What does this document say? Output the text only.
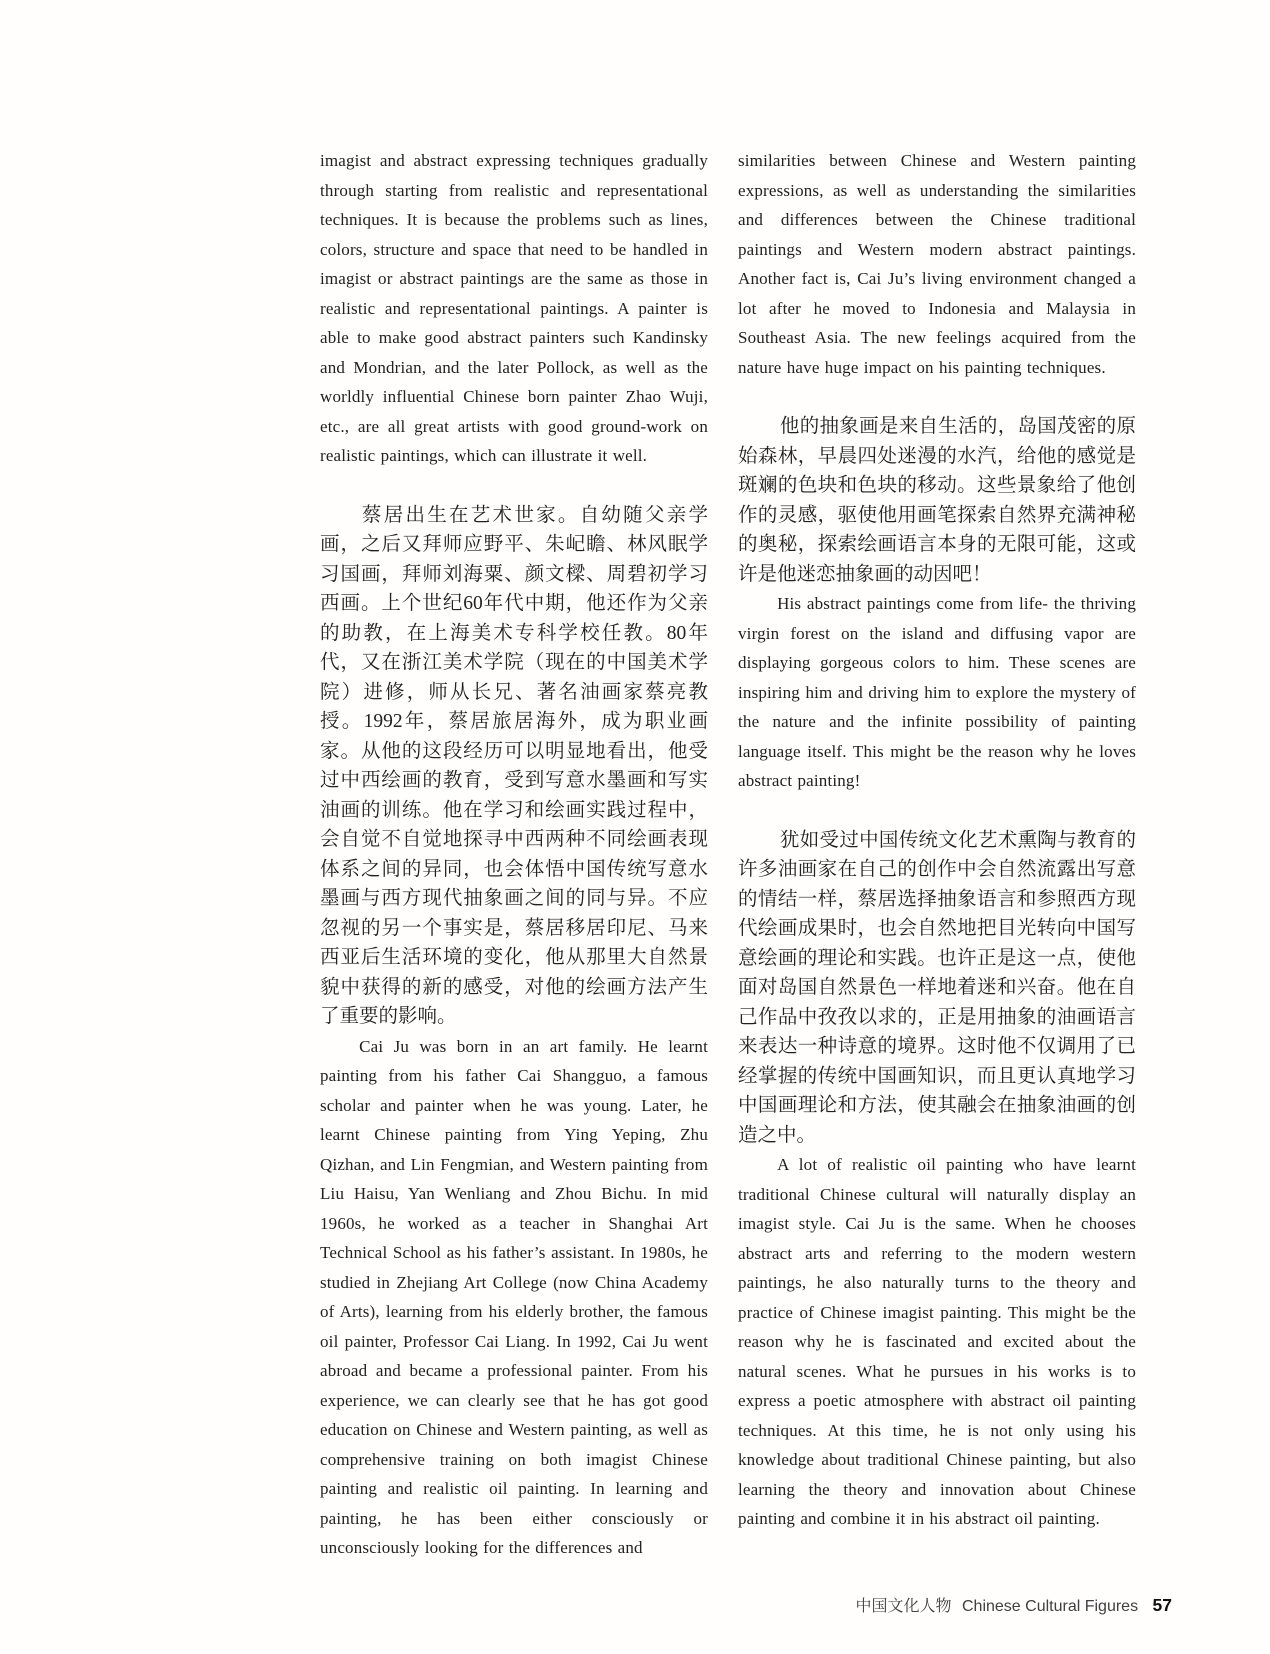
imagist and abstract expressing techniques gradually through starting from realistic and representational techniques. It is because the problems such as lines, colors, structure and space that need to be handled in imagist or abstract paintings are the same as those in realistic and representational paintings. A painter is able to make good abstract painters such Kandinsky and Mondrian, and the later Pollock, as well as the worldly influential Chinese born painter Zhao Wuji, etc., are all great artists with good ground-work on realistic paintings, which can illustrate it well.

蔡居出生在艺术世家。自幼随父亲学画，之后又拜师应野平、朱屺瞻、林风眠学习国画，拜师刘海粟、颜文樑、周碧初学习西画。上个世纪60年代中期，他还作为父亲的助教，在上海美术专科学校任教。80年代，又在浙江美术学院（现在的中国美术学院）进修，师从长兄、著名油画家蔡亮教授。1992年，蔡居旅居海外，成为职业画家。从他的这段经历可以明显地看出，他受过中西绘画的教育，受到写意水墨画和写实油画的训练。他在学习和绘画实践过程中，会自觉不自觉地探寻中西两种不同绘画表现体系之间的异同，也会体悟中国传统写意水墨画与西方现代抽象画之间的同与异。不应忽视的另一个事实是，蔡居移居印尼、马来西亚后生活环境的变化，他从那里大自然景貌中获得的新的感受，对他的绘画方法产生了重要的影响。

Cai Ju was born in an art family. He learnt painting from his father Cai Shangguo, a famous scholar and painter when he was young. Later, he learnt Chinese painting from Ying Yeping, Zhu Qizhan, and Lin Fengmian, and Western painting from Liu Haisu, Yan Wenliang and Zhou Bichu. In mid 1960s, he worked as a teacher in Shanghai Art Technical School as his father’s assistant. In 1980s, he studied in Zhejiang Art College (now China Academy of Arts), learning from his elderly brother, the famous oil painter, Professor Cai Liang. In 1992, Cai Ju went abroad and became a professional painter. From his experience, we can clearly see that he has got good education on Chinese and Western painting, as well as comprehensive training on both imagist Chinese painting and realistic oil painting. In learning and painting, he has been either consciously or unconsciously looking for the differences and

similarities between Chinese and Western painting expressions, as well as understanding the similarities and differences between the Chinese traditional paintings and Western modern abstract paintings. Another fact is, Cai Ju’s living environment changed a lot after he moved to Indonesia and Malaysia in Southeast Asia. The new feelings acquired from the nature have huge impact on his painting techniques.

他的抽象画是来自生活的，岛国茂密的原始森林，早晨四处迷漫的水汽，给他的感觉是斑斓的色块和色块的移动。这些景象给了他创作的灵感，驱使他用画笔探索自然界充满神秘的奥秘，探索绘画语言本身的无限可能，这或许是他迷恋抽象画的动因吧！

His abstract paintings come from life- the thriving virgin forest on the island and diffusing vapor are displaying gorgeous colors to him. These scenes are inspiring him and driving him to explore the mystery of the nature and the infinite possibility of painting language itself. This might be the reason why he loves abstract painting!

犹如受过中国传统文化艺术熏陶与教育的许多油画家在自己的创作中会自然流露出写意的情结一样，蔡居选择抽象语言和参照西方现代绘画成果时，也会自然地把目光转向中国写意绘画的理论和实践。也许正是这一点，使他面对岛国自然景色一样地着迷和兴奋。他在自己作品中孜孜以求的，正是用抽象的油画语言来表达一种诗意的境界。这时他不仅调用了已经掌握的传统中国画知识，而且更认真地学习中国画理论和方法，使其融会在抽象油画的创造之中。

A lot of realistic oil painting who have learnt traditional Chinese cultural will naturally display an imagist style. Cai Ju is the same. When he chooses abstract arts and referring to the modern western paintings, he also naturally turns to the theory and practice of Chinese imagist painting. This might be the reason why he is fascinated and excited about the natural scenes. What he pursues in his works is to express a poetic atmosphere with abstract oil painting techniques. At this time, he is not only using his knowledge about traditional Chinese painting, but also learning the theory and innovation about Chinese painting and combine it in his abstract oil painting.

中国文化人物 Chinese Cultural Figures 57
